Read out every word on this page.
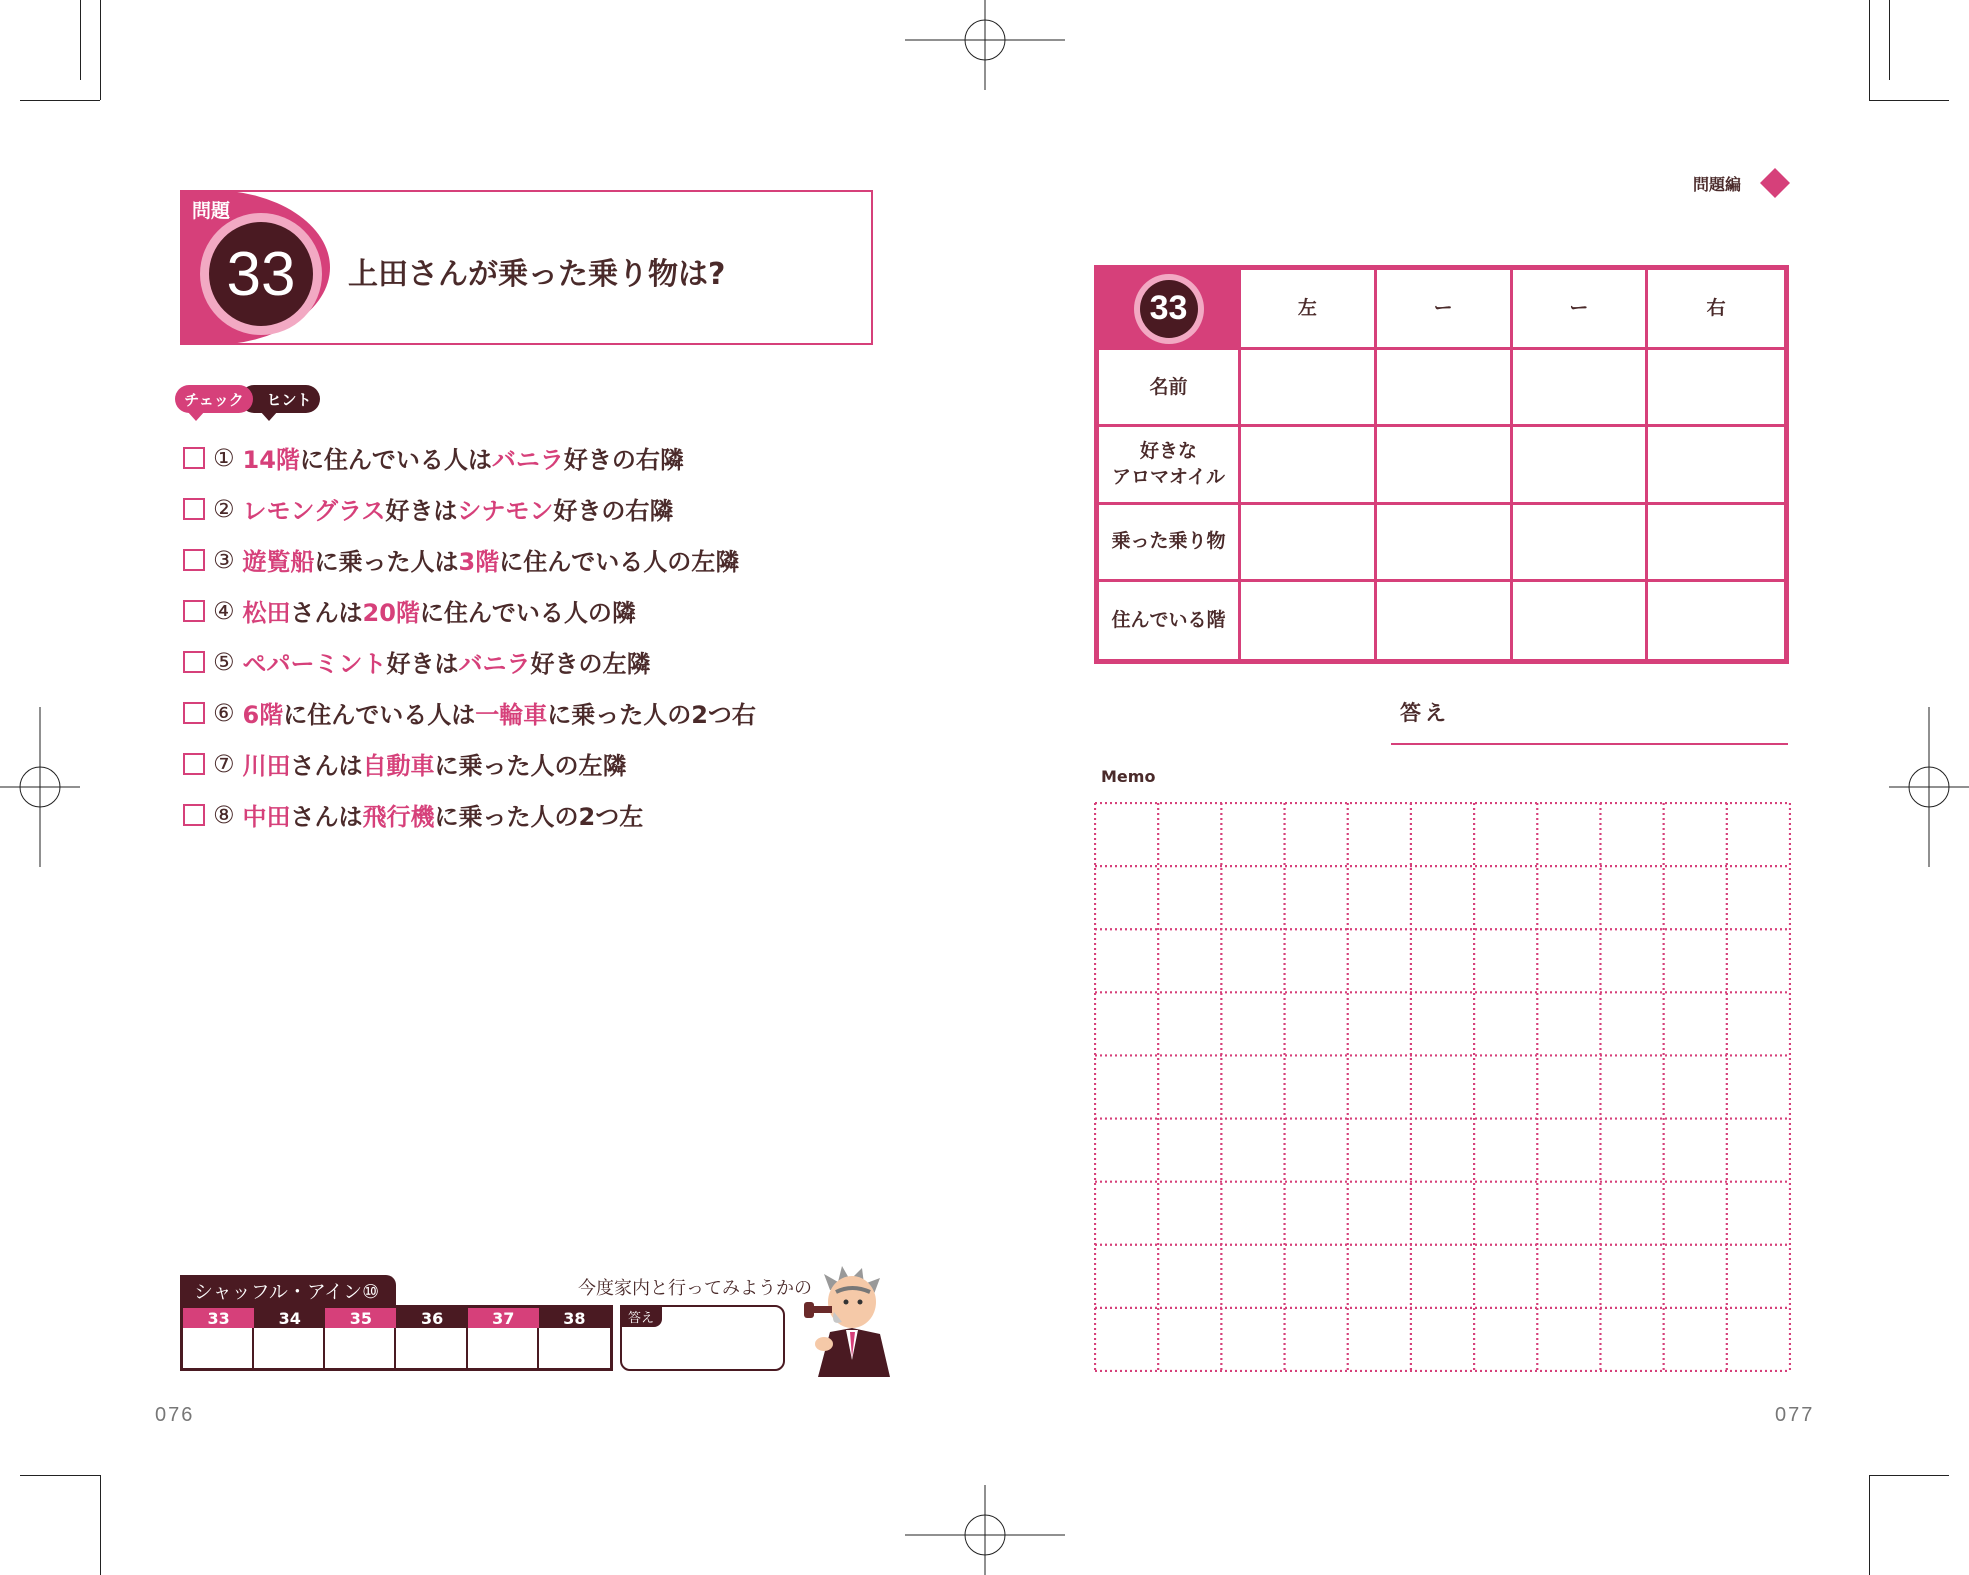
問題
33	上田さんが乗った乗り物は?
ヒント
チェック
① 14階 に住んでいる人は バニラ 好きの右隣
② レモングラス 好きは シナモン 好きの右隣
③ 遊覧船 に乗った人は 3階 に住んでいる人の左隣
④ 松田 さんは 20階 に住んでいる人の隣
⑤ ペパーミント 好きは バニラ 好きの左隣
⑥ 6階 に住んでいる人は 一輪車 に乗った人の2つ右
⑦ 川田 さんは 自動車 に乗った人の左隣
⑧ 中田 さんは 飛行機 に乗った人の2つ左
今度家内と行ってみようかの
シャッフル・アイン⑩
33	34	35	36	37	38	答え
076
問題編
33	左	ー	ー	右
名前
好きな
アロマオイル
乗った乗り物
住んでいる階
答え
Memo
077
